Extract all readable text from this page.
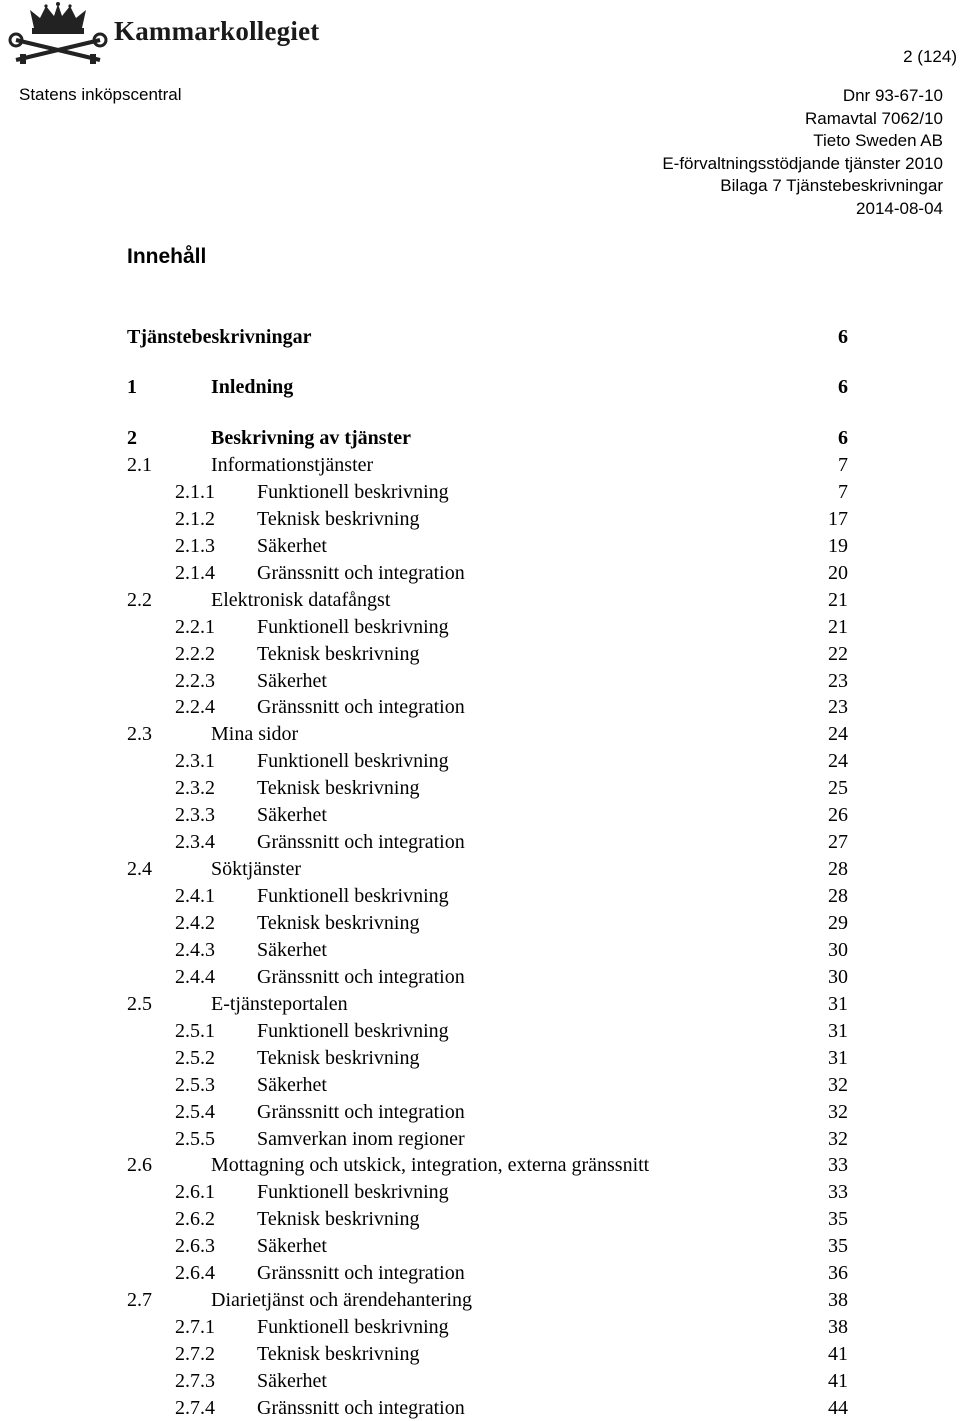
Kammarkollegiet
2 (124)
Statens inköpscentral	Dnr 93-67-10
Ramavtal 7062/10
Tieto Sweden AB
E-förvaltningsstödjande tjänster 2010
Bilaga 7 Tjänstebeskrivningar
2014-08-04
Innehåll
Tjänstebeskrivningar	6
1	Inledning	6
2	Beskrivning av tjänster	6
2.1	Informationstjänster	7
2.1.1 Funktionell beskrivning	7
2.1.2 Teknisk beskrivning	17
2.1.3 Säkerhet	19
2.1.4 Gränssnitt och integration	20
2.2	Elektronisk datafångst	21
2.2.1 Funktionell beskrivning	21
2.2.2 Teknisk beskrivning	22
2.2.3 Säkerhet	23
2.2.4 Gränssnitt och integration	23
2.3	Mina sidor	24
2.3.1 Funktionell beskrivning	24
2.3.2 Teknisk beskrivning	25
2.3.3 Säkerhet	26
2.3.4 Gränssnitt och integration	27
2.4	Söktjänster	28
2.4.1 Funktionell beskrivning	28
2.4.2 Teknisk beskrivning	29
2.4.3 Säkerhet	30
2.4.4 Gränssnitt och integration	30
2.5	E-tjänsteportalen	31
2.5.1 Funktionell beskrivning	31
2.5.2 Teknisk beskrivning	31
2.5.3 Säkerhet	32
2.5.4 Gränssnitt och integration	32
2.5.5 Samverkan inom regioner	32
2.6	Mottagning och utskick, integration, externa gränssnitt	33
2.6.1 Funktionell beskrivning	33
2.6.2 Teknisk beskrivning	35
2.6.3 Säkerhet	35
2.6.4 Gränssnitt och integration	36
2.7	Diarietjänst och ärendehantering	38
2.7.1 Funktionell beskrivning	38
2.7.2 Teknisk beskrivning	41
2.7.3 Säkerhet	41
2.7.4 Gränssnitt och integration	44
